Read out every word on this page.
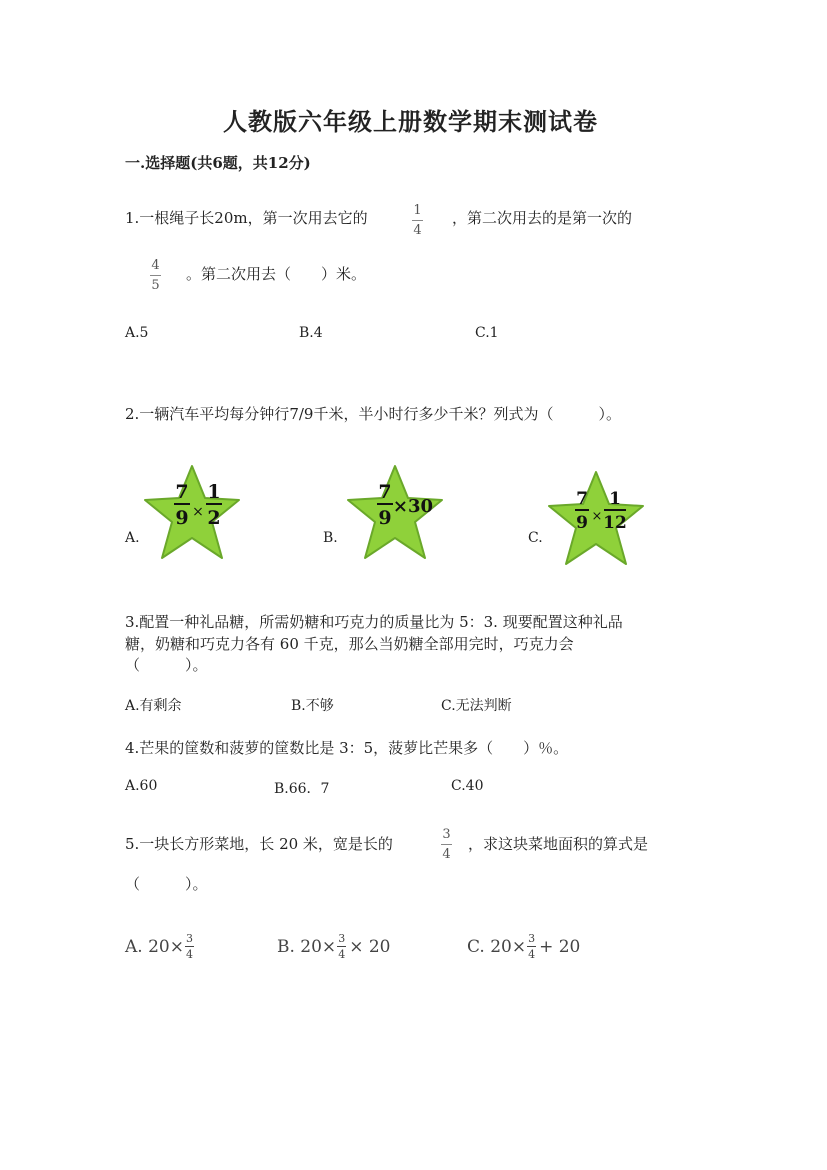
人教版六年级上册数学期末测试卷
一.选择题(共6题，共12分)
1.一根绳子长20m，第一次用去它的	1
4
，第二次用去的是第一次的
4
5
。第二次用去（　　）米。
A.5	B.4	C.1
2.一辆汽车平均每分钟行7/9千米，半小时行多少千米？列式为（　　　）。
A.
7
9 ×
1
2
B.
7
9
×30
C.
7
9 ×
1
12
3.配置一种礼品糖，所需奶糖和巧克力的质量比为 5：3. 现要配置这种礼品
糖，奶糖和巧克力各有 60 千克，那么当奶糖全部用完时，巧克力会
（　　　）。
A.有剩余	B.不够	C.无法判断
4.芒果的筐数和菠萝的筐数比是 3：5，菠萝比芒果多（　　）％。
A.60	B.66．7	C.40
5.一块长方形菜地，长 20 米，宽是长的
3
4
，求这块菜地面积的算式是
（　　　）。
A. 20× 3
4	B. 20× 3
4 × 20	C. 20× 3
4 + 20
